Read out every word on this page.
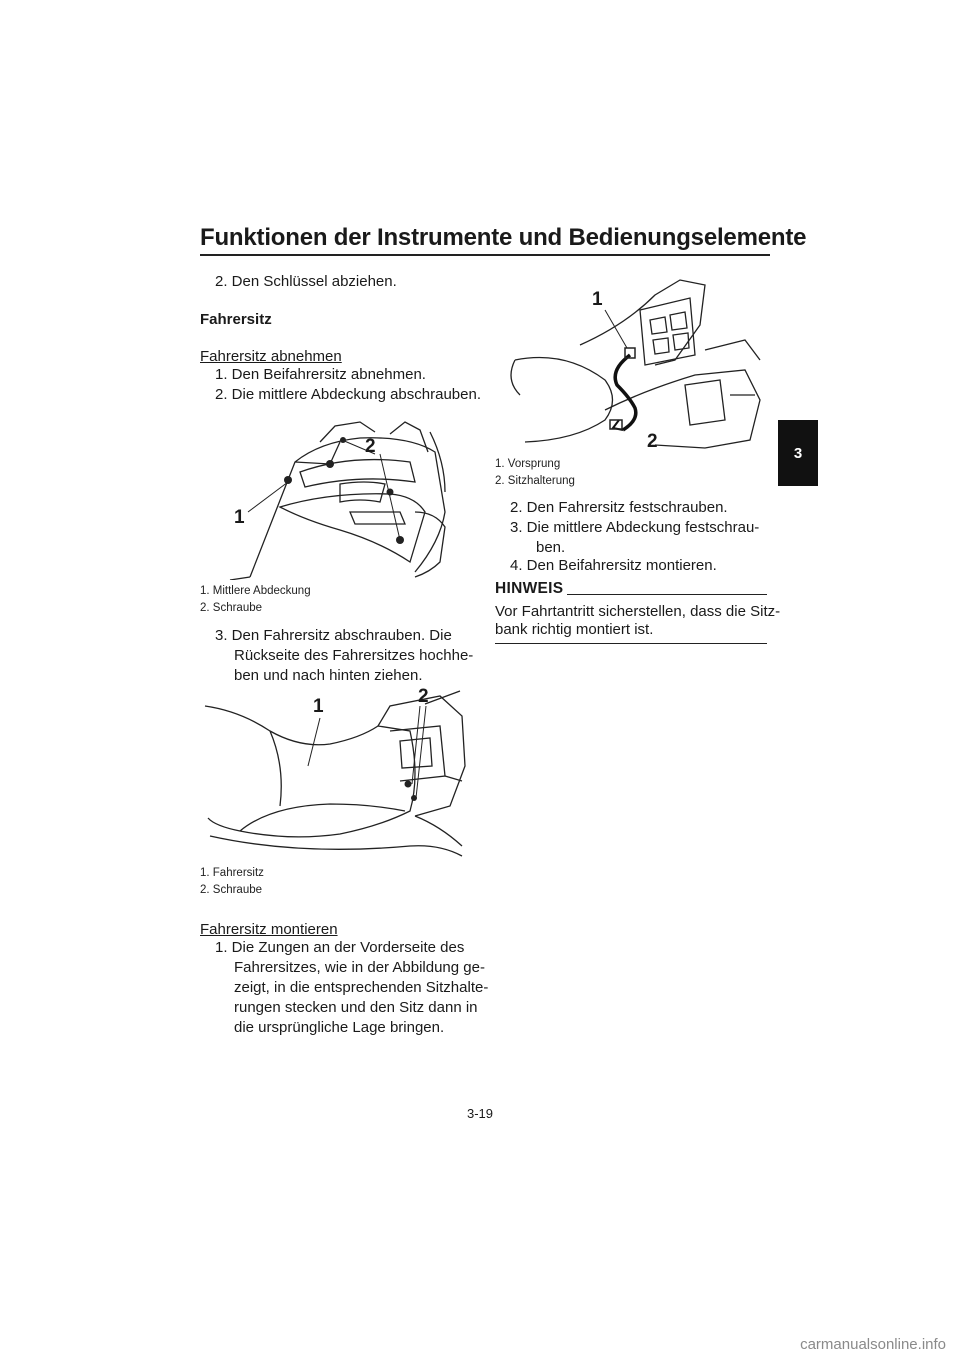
Funktionen der Instrumente und Bedienungselemente
3
2. Den Schlüssel abziehen.
Fahrersitz
Fahrersitz abnehmen
1. Den Beifahrersitz abnehmen.
2. Die mittlere Abdeckung abschrauben.
2
1
1. Mittlere Abdeckung
2. Schraube
3. Den Fahrersitz abschrauben. Die
Rückseite des Fahrersitzes hochhe-
ben und nach hinten ziehen.
1	2
1. Fahrersitz
2. Schraube
Fahrersitz montieren
1. Die Zungen an der Vorderseite des
Fahrersitzes, wie in der Abbildung ge-
zeigt, in die entsprechenden Sitzhalte-
rungen stecken und den Sitz dann in
die ursprüngliche Lage bringen.
1
2
1. Vorsprung
2. Sitzhalterung
2. Den Fahrersitz festschrauben.
3. Die mittlere Abdeckung festschrau-
ben.
4. Den Beifahrersitz montieren.
HINWEIS
Vor Fahrtantritt sicherstellen, dass die Sitz-
bank richtig montiert ist.
3-19
carmanualsonline.info
